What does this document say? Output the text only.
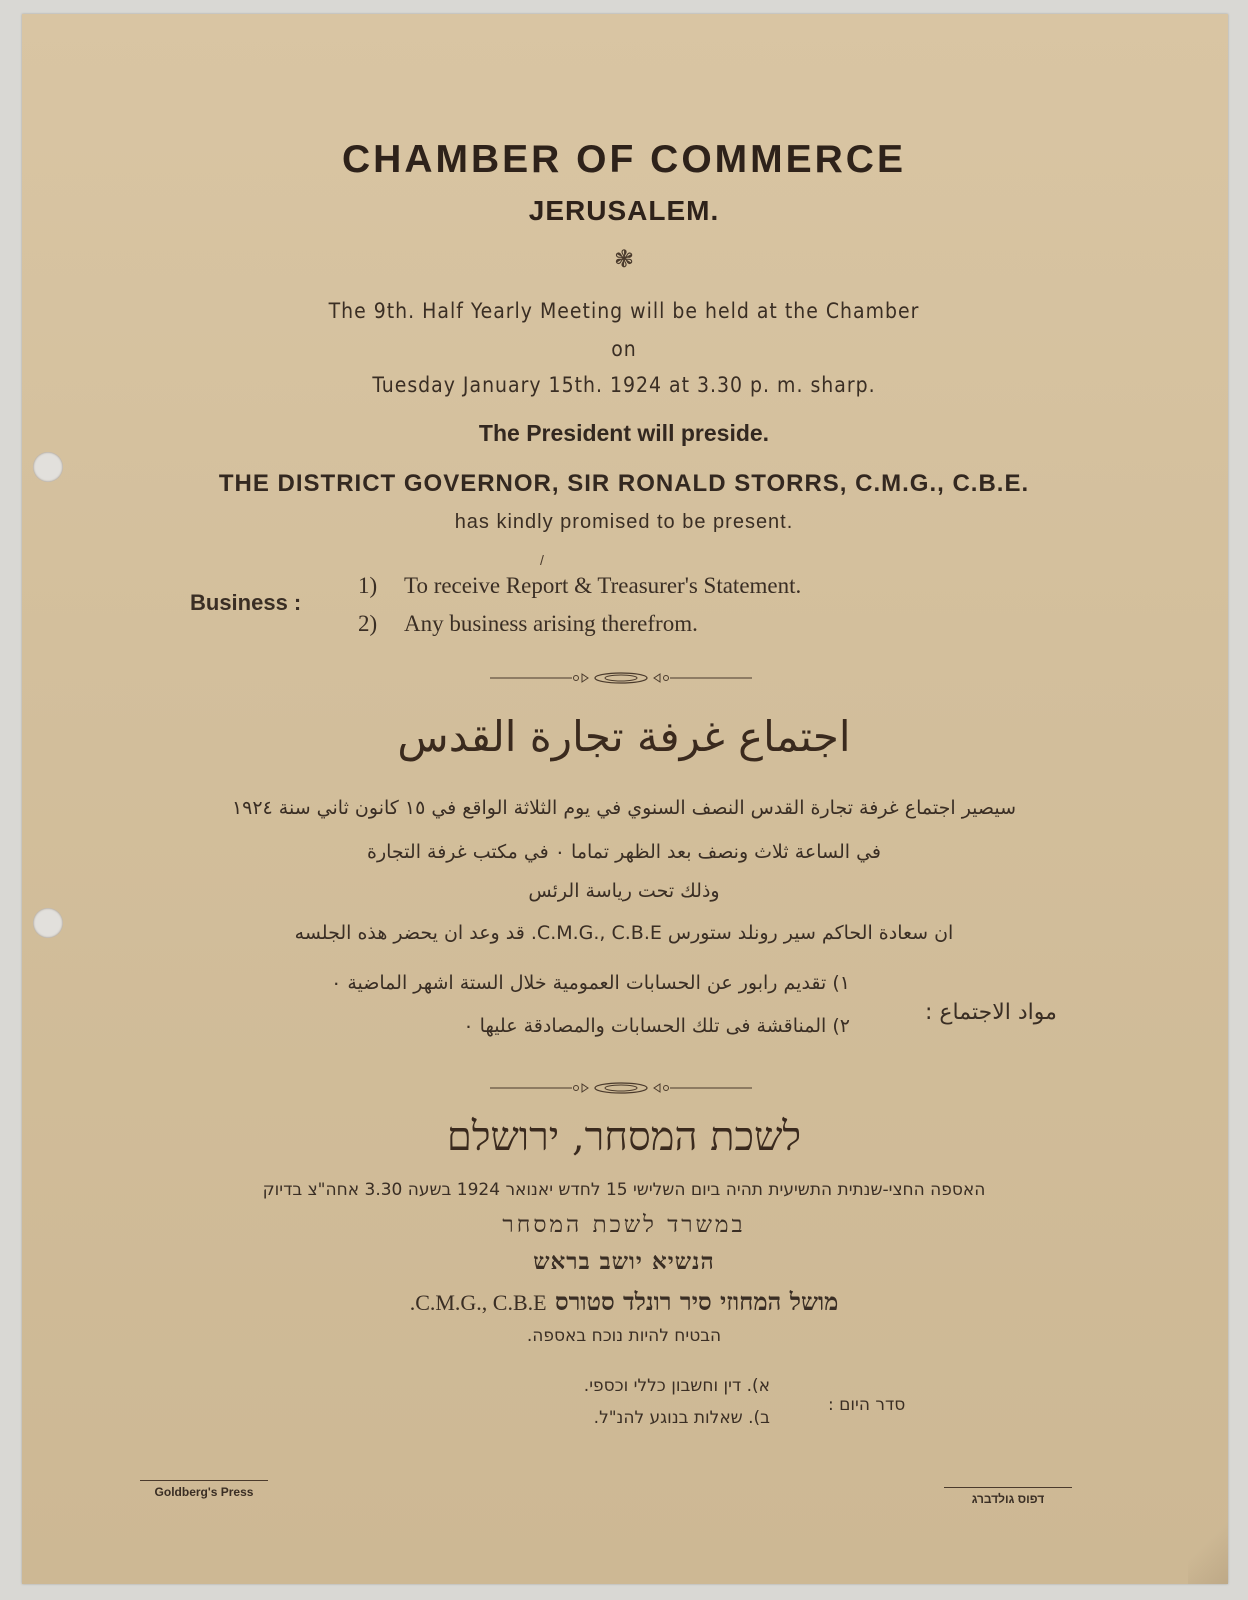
CHAMBER OF COMMERCE
JERUSALEM.
❃
The 9th. Half Yearly Meeting will be held at the Chamber
on
Tuesday January 15th. 1924 at 3.30 p. m. sharp.
The President will preside.
THE DISTRICT GOVERNOR, SIR RONALD STORRS, C.M.G., C.B.E.
has kindly promised to be present.
/
Business :
1) To receive Report & Treasurer's Statement.
2) Any business arising therefrom.
اجتماع غرفة تجارة القدس
سيصير اجتماع غرفة تجارة القدس النصف السنوي في يوم الثلاثة الواقع في ١٥ كانون ثاني سنة ١٩٢٤
في الساعة ثلاث ونصف بعد الظهر تماما ٠ في مكتب غرفة التجارة
وذلك تحت رياسة الرئس
ان سعادة الحاكم سير رونلد ستورس C.M.G., C.B.E. قد وعد ان يحضر هذه الجلسه
مواد الاجتماع :
١) تقديم رابور عن الحسابات العمومية خلال الستة اشهر الماضية ٠
٢) المناقشة فى تلك الحسابات والمصادقة عليها ٠
לשכת המסחר, ירושלם
האספה החצי-שנתית התשיעית תהיה ביום השלישי 15 לחדש יאנואר 1924 בשעה 3.30 אחה"צ בדיוק
במשרד לשכת המסחר
הנשיא יושב בראש
מושל המחוזי סיר רונלד סטורס C.M.G., C.B.E.
הבטיח להיות נוכח באספה.
סדר היום :
א). דין וחשבון כללי וכספי.
ב). שאלות בנוגע להנ"ל.
Goldberg's Press	דפוס גולדברג
